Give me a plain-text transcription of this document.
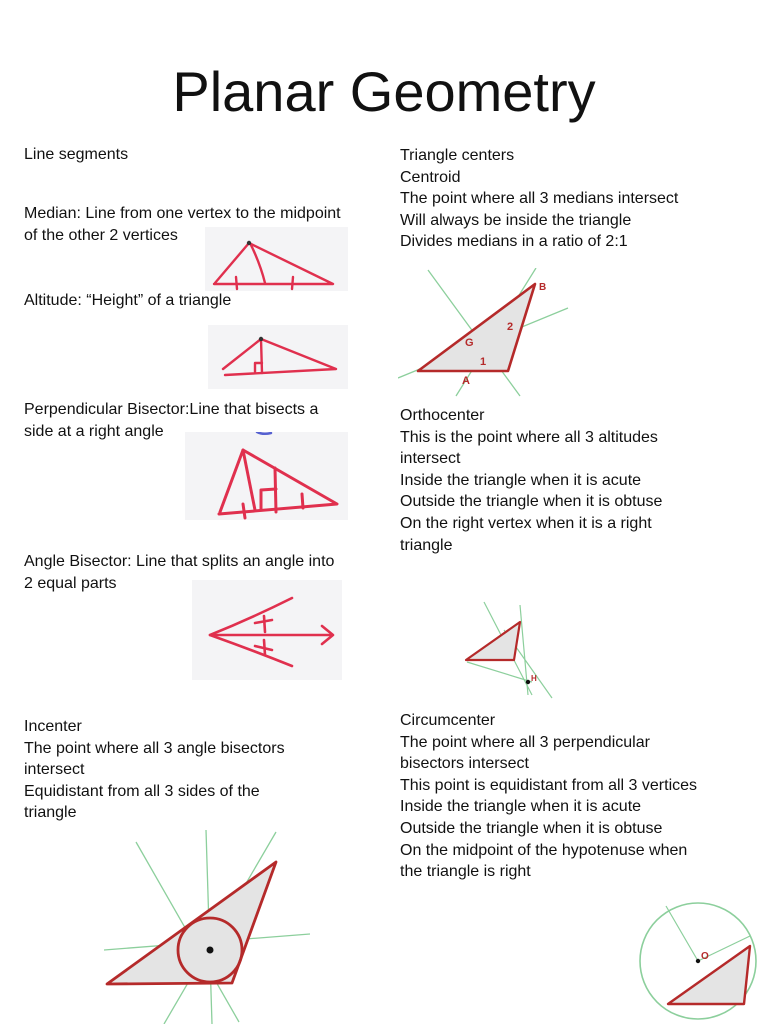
Planar Geometry
Line segments
Median: Line from one vertex to the midpoint
of the other 2 vertices
Altitude: “Height” of a triangle
Perpendicular Bisector:Line that bisects a
side at a right angle
Angle Bisector: Line that splits an angle into
2 equal parts
Incenter
The point where all 3 angle bisectors
intersect
Equidistant from all 3 sides of the
triangle
Triangle centers
Centroid
The point where all 3 medians intersect
Will always be inside the triangle
Divides medians in a ratio of 2:1
Orthocenter
This is the point where all 3 altitudes
intersect
Inside the triangle when it is acute
Outside the triangle when it is obtuse
On the right vertex when it is a right
triangle
Circumcenter
The point where all 3 perpendicular
bisectors intersect
This point is equidistant from all 3 vertices
Inside the triangle when it is acute
Outside the triangle when it is obtuse
On the midpoint of the hypotenuse when
the triangle is right
B
G
A
1
2
H
O
